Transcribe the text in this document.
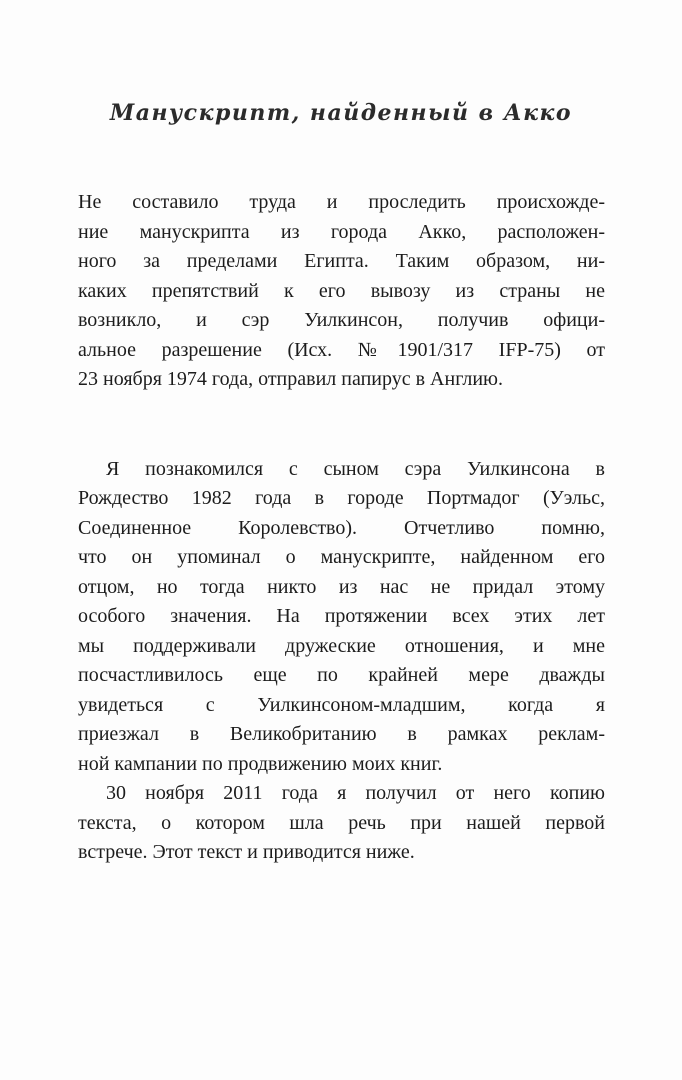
Манускрипт, найденный в Акко
Не составило труда и проследить происхожде-
ние манускрипта из города Акко, расположен-
ного за пределами Египта. Таким образом, ни-
каких препятствий к его вывозу из страны не
возникло, и сэр Уилкинсон, получив офици-
альное разрешение (Исх. №1901/317 IFP-75) от
23 ноября 1974 года, отправил папирус в Англию.
Я познакомился с сыном сэра Уилкинсона в
Рождество 1982 года в городе Портмадог (Уэльс,
Соединенное Королевство). Отчетливо помню,
что он упоминал о манускрипте, найденном его
отцом, но тогда никто из нас не придал этому
особого значения. На протяжении всех этих лет
мы поддерживали дружеские отношения, и мне
посчастливилось еще по крайней мере дважды
увидеться с Уилкинсоном-младшим, когда я
приезжал в Великобританию в рамках реклам-
ной кампании по продвижению моих книг.
30 ноября 2011 года я получил от него копию
текста, о котором шла речь при нашей первой
встрече. Этот текст и приводится ниже.
